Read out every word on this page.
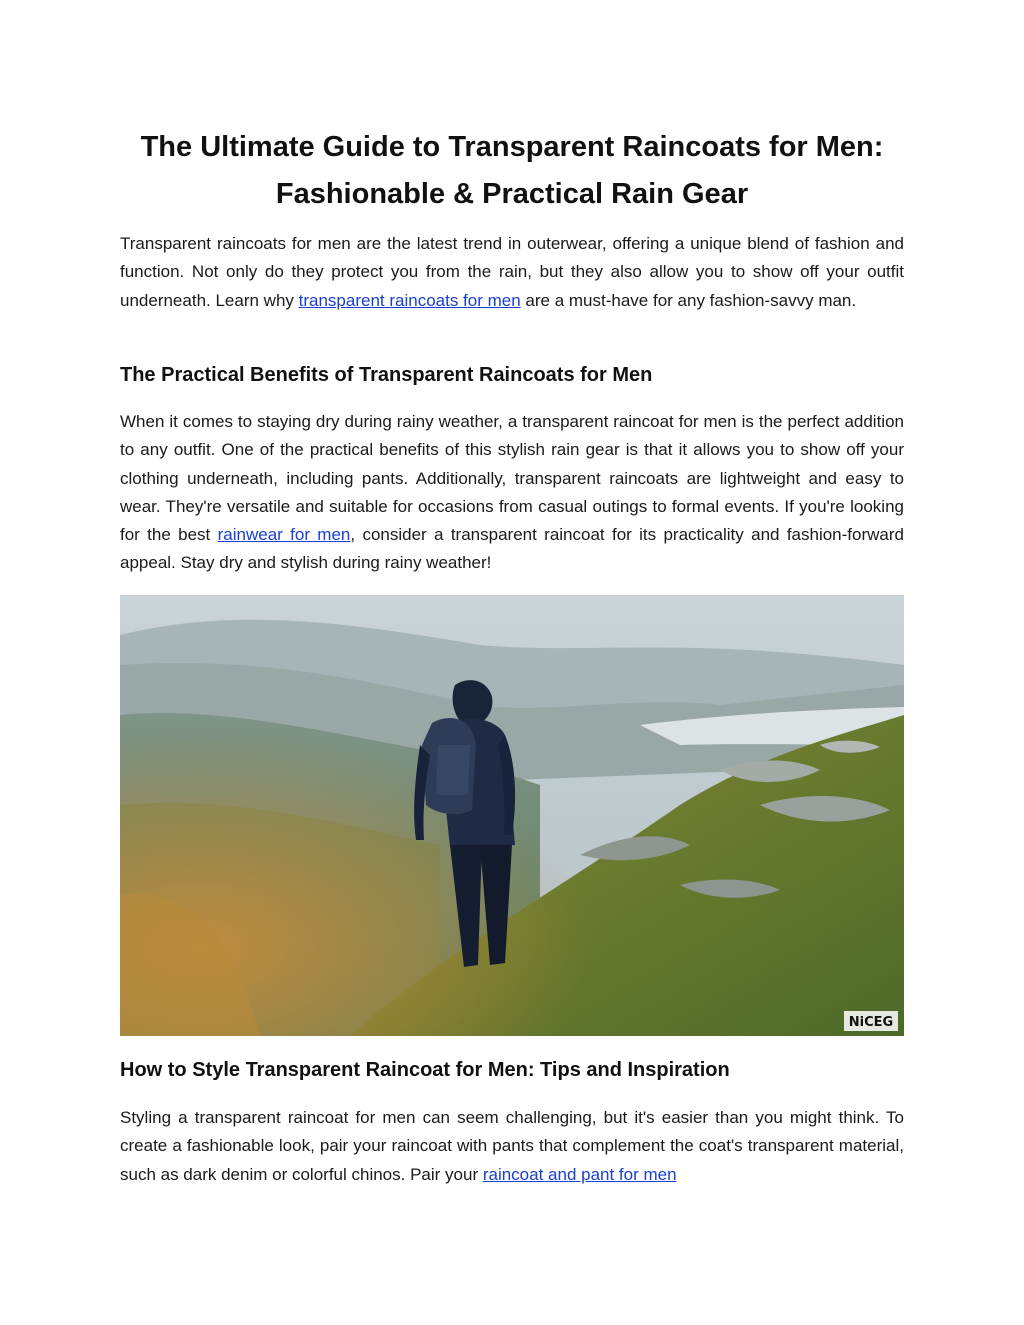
The Ultimate Guide to Transparent Raincoats for Men: Fashionable & Practical Rain Gear

Transparent raincoats for men are the latest trend in outerwear, offering a unique blend of fashion and function. Not only do they protect you from the rain, but they also allow you to show off your outfit underneath. Learn why transparent raincoats for men are a must-have for any fashion-savvy man.

The Practical Benefits of Transparent Raincoats for Men

When it comes to staying dry during rainy weather, a transparent raincoat for men is the perfect addition to any outfit. One of the practical benefits of this stylish rain gear is that it allows you to show off your clothing underneath, including pants. Additionally, transparent raincoats are lightweight and easy to wear. They're versatile and suitable for occasions from casual outings to formal events. If you're looking for the best rainwear for men, consider a transparent raincoat for its practicality and fashion-forward appeal. Stay dry and stylish during rainy weather!

NiCEG
How to Style Transparent Raincoat for Men: Tips and Inspiration

Styling a transparent raincoat for men can seem challenging, but it's easier than you might think. To create a fashionable look, pair your raincoat with pants that complement the coat's transparent material, such as dark denim or colorful chinos. Pair your raincoat and pant for men
